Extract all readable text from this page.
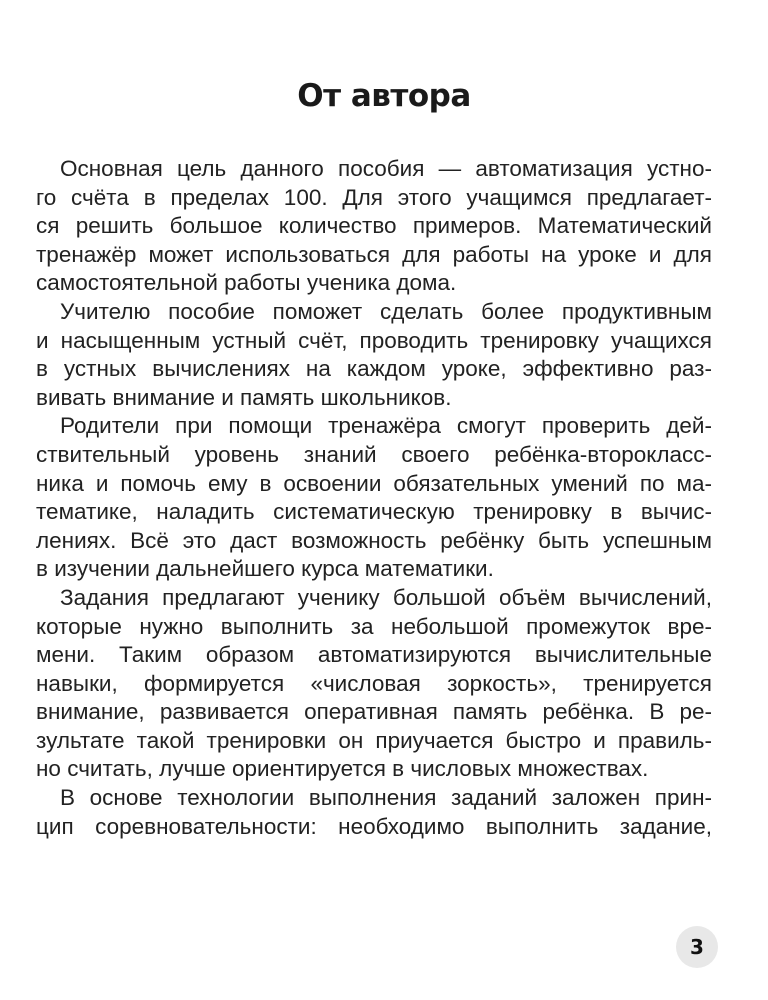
От автора
Основная цель данного пособия — автоматизация устно-
го счёта в пределах 100. Для этого учащимся предлагает-
ся решить большое количество примеров. Математический
тренажёр может использоваться для работы на уроке и для
самостоятельной работы ученика дома.
Учителю пособие поможет сделать более продуктивным
и насыщенным устный счёт, проводить тренировку учащихся
в устных вычислениях на каждом уроке, эффективно раз-
вивать внимание и память школьников.
Родители при помощи тренажёра смогут проверить дей-
ствительный уровень знаний своего ребёнка-второкласс-
ника и помочь ему в освоении обязательных умений по ма-
тематике, наладить систематическую тренировку в вычис-
лениях. Всё это даст возможность ребёнку быть успешным
в изучении дальнейшего курса математики.
Задания предлагают ученику большой объём вычислений,
которые нужно выполнить за небольшой промежуток вре-
мени. Таким образом автоматизируются вычислительные
навыки, формируется «числовая зоркость», тренируется
внимание, развивается оперативная память ребёнка. В ре-
зультате такой тренировки он приучается быстро и правиль-
но считать, лучше ориентируется в числовых множествах.
В основе технологии выполнения заданий заложен прин-
цип соревновательности: необходимо выполнить задание,
3
